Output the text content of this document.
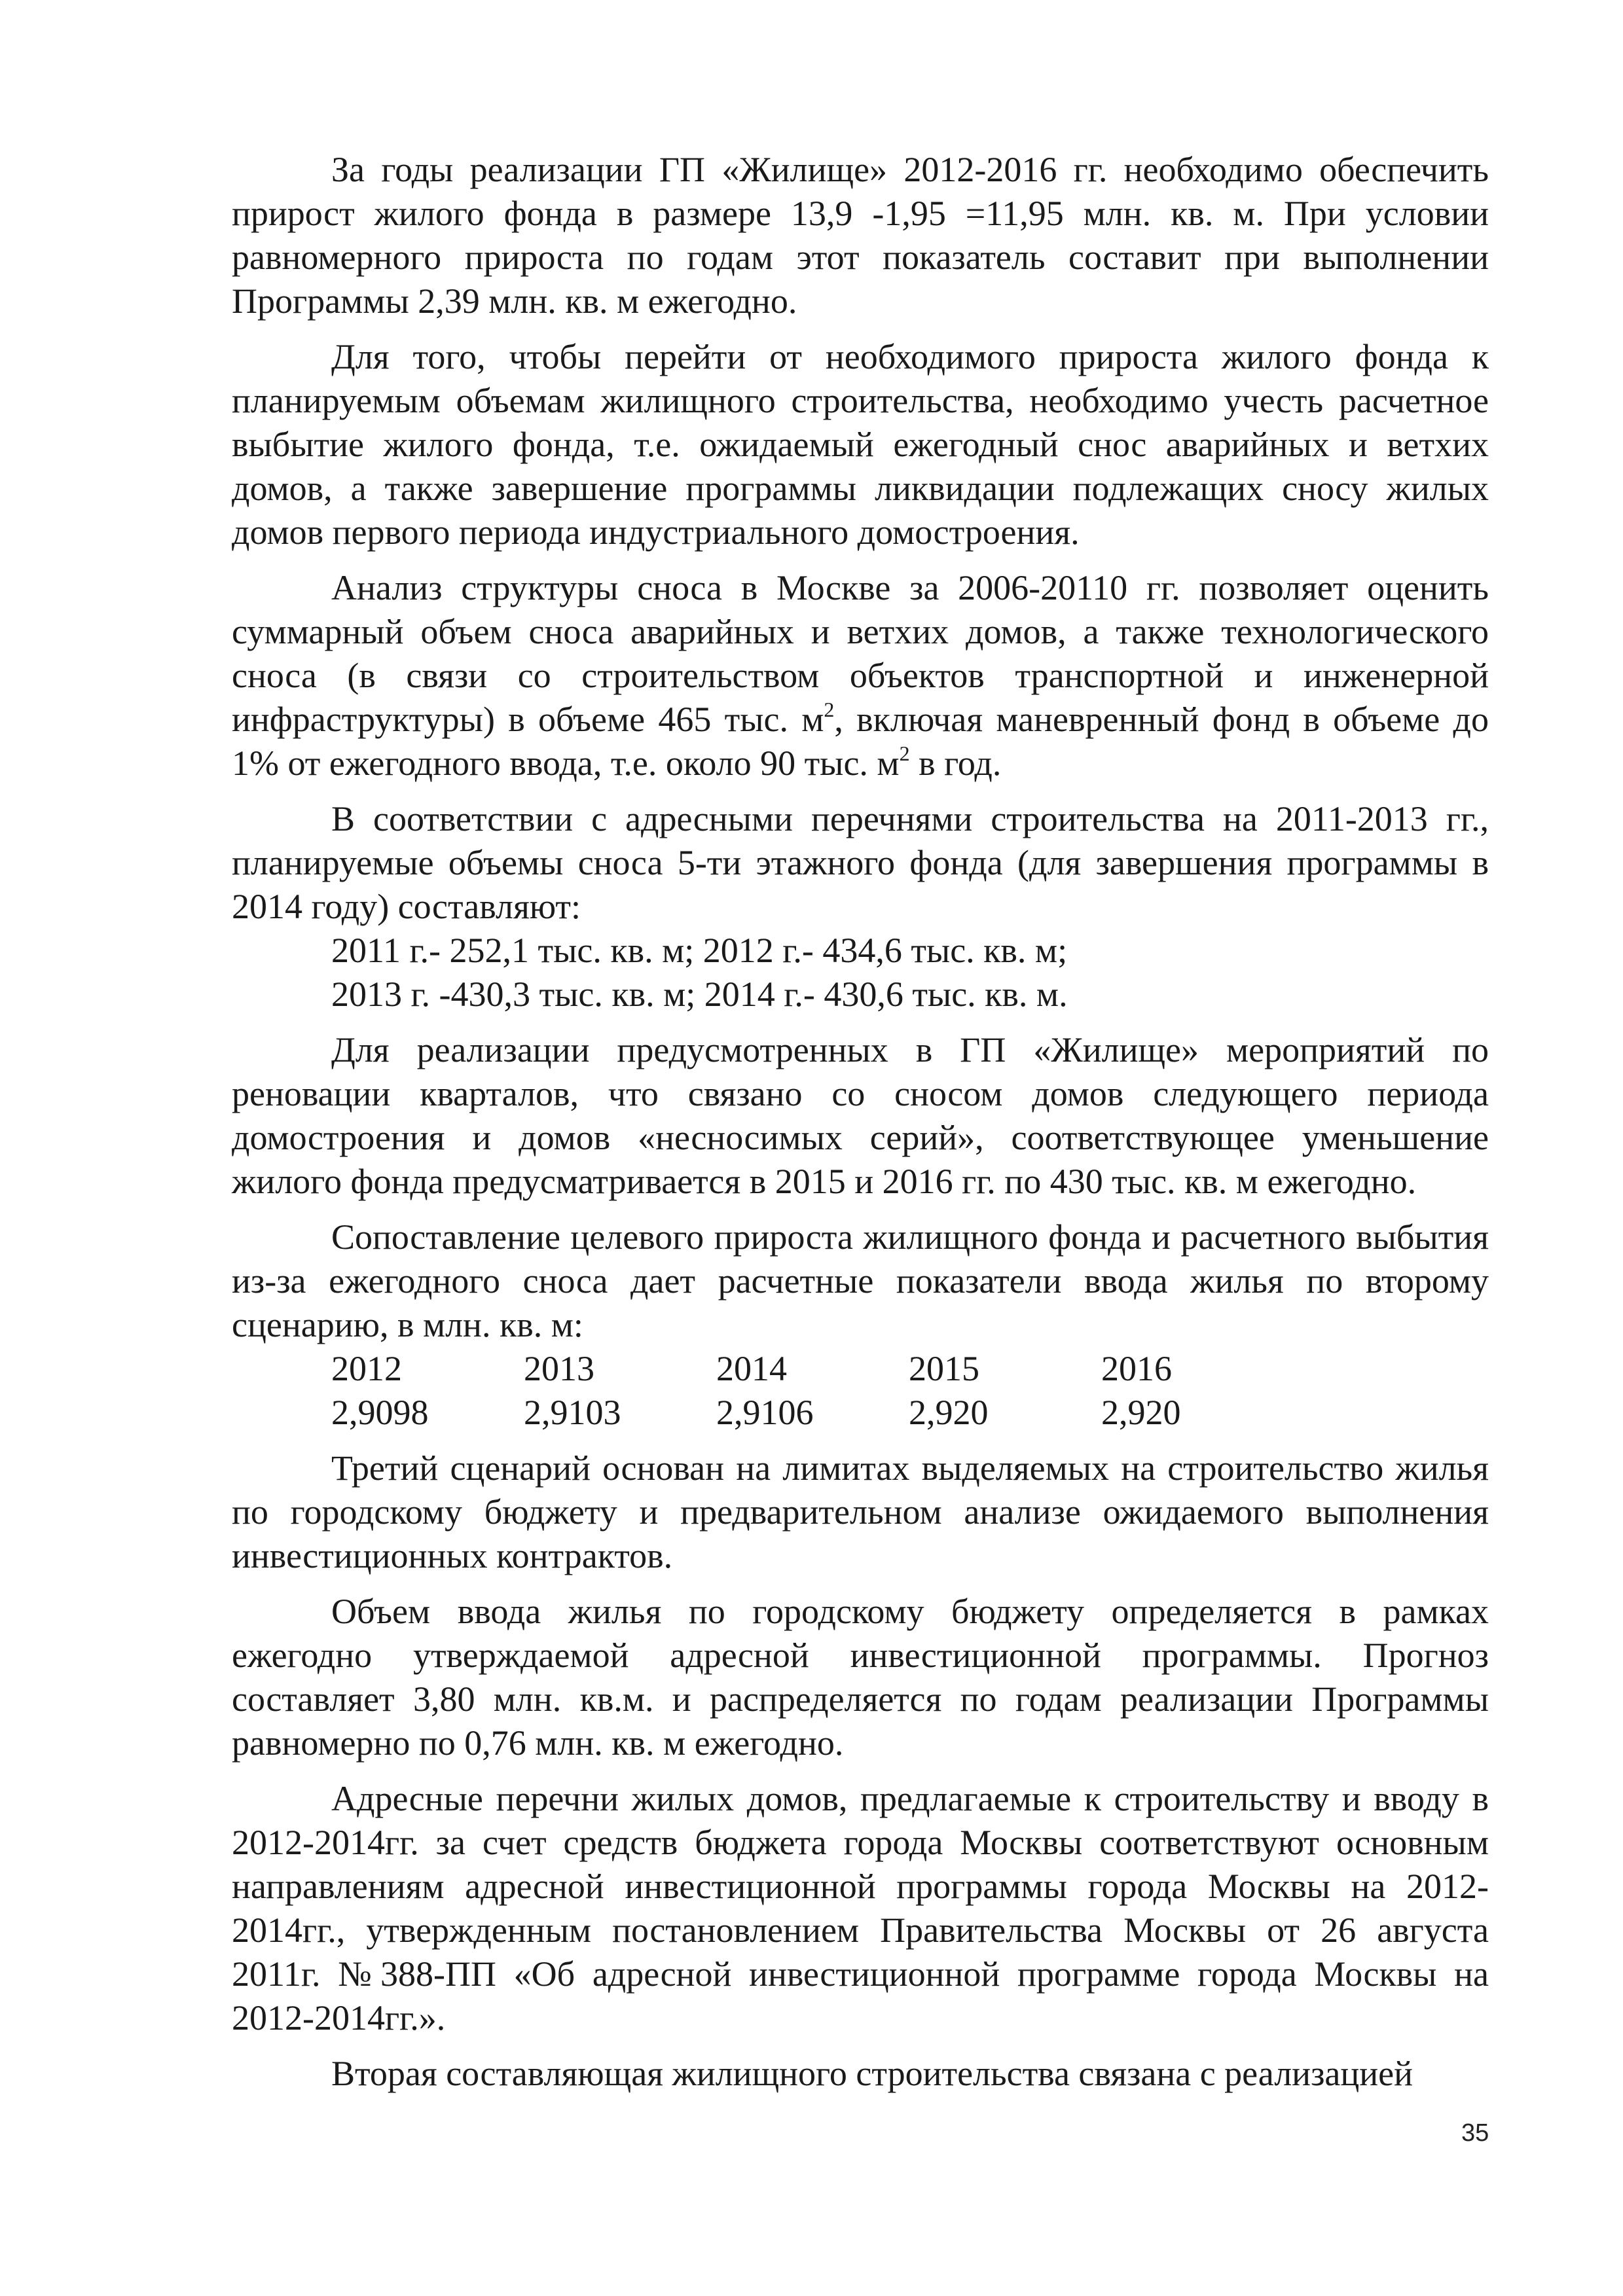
За годы реализации ГП «Жилище» 2012-2016 гг. необходимо обеспечить прирост жилого фонда в размере 13,9 -1,95 =11,95 млн. кв. м. При условии равномерного прироста по годам этот показатель составит при выполнении Программы 2,39 млн. кв. м ежегодно.

Для того, чтобы перейти от необходимого прироста жилого фонда к планируемым объемам жилищного строительства, необходимо учесть расчетное выбытие жилого фонда, т.е. ожидаемый ежегодный снос аварийных и ветхих домов, а также завершение программы ликвидации подлежащих сносу жилых домов первого периода индустриального домостроения.

Анализ структуры сноса в Москве за 2006-20110 гг. позволяет оценить суммарный объем сноса аварийных и ветхих домов, а также технологического сноса (в связи со строительством объектов транспортной и инженерной инфраструктуры) в объеме 465 тыс. $м^2$, включая маневренный фонд в объеме до 1% от ежегодного ввода, т.е. около 90 тыс. $м^2$ в год.

В соответствии с адресными перечнями строительства на 2011-2013 гг., планируемые объемы сноса 5-ти этажного фонда (для завершения программы в 2014 году) составляют:

2011 г.- 252,1 тыс. кв. м; 2012 г.- 434,6 тыс. кв. м;

2013 г. -430,3 тыс. кв. м; 2014 г.- 430,6 тыс. кв. м.

Для реализации предусмотренных в ГП «Жилище» мероприятий по реновации кварталов, что связано со сносом домов следующего периода домостроения и домов «несносимых серий», соответствующее уменьшение жилого фонда предусматривается в 2015 и 2016 гг. по 430 тыс. кв. м ежегодно.

Сопоставление целевого прироста жилищного фонда и расчетного выбытия из-за ежегодного сноса дает расчетные показатели ввода жилья по второму сценарию, в млн. кв. м:

2012	2013	2014	2015	2016
2,9098	2,9103	2,9106	2,920	2,920

Третий сценарий основан на лимитах выделяемых на строительство жилья по городскому бюджету и предварительном анализе ожидаемого выполнения инвестиционных контрактов.

Объем ввода жилья по городскому бюджету определяется в рамках ежегодно утверждаемой адресной инвестиционной программы. Прогноз составляет 3,80 млн. кв.м. и распределяется по годам реализации Программы равномерно по 0,76 млн. кв. м ежегодно.

Адресные перечни жилых домов, предлагаемые к строительству и вводу в 2012-2014гг. за счет средств бюджета города Москвы соответствуют основным направлениям адресной инвестиционной программы города Москвы на 2012-2014гг., утвержденным постановлением Правительства Москвы от 26 августа 2011г. №388-ПП «Об адресной инвестиционной программе города Москвы на 2012-2014гг.».

Вторая составляющая жилищного строительства связана с реализацией

35
